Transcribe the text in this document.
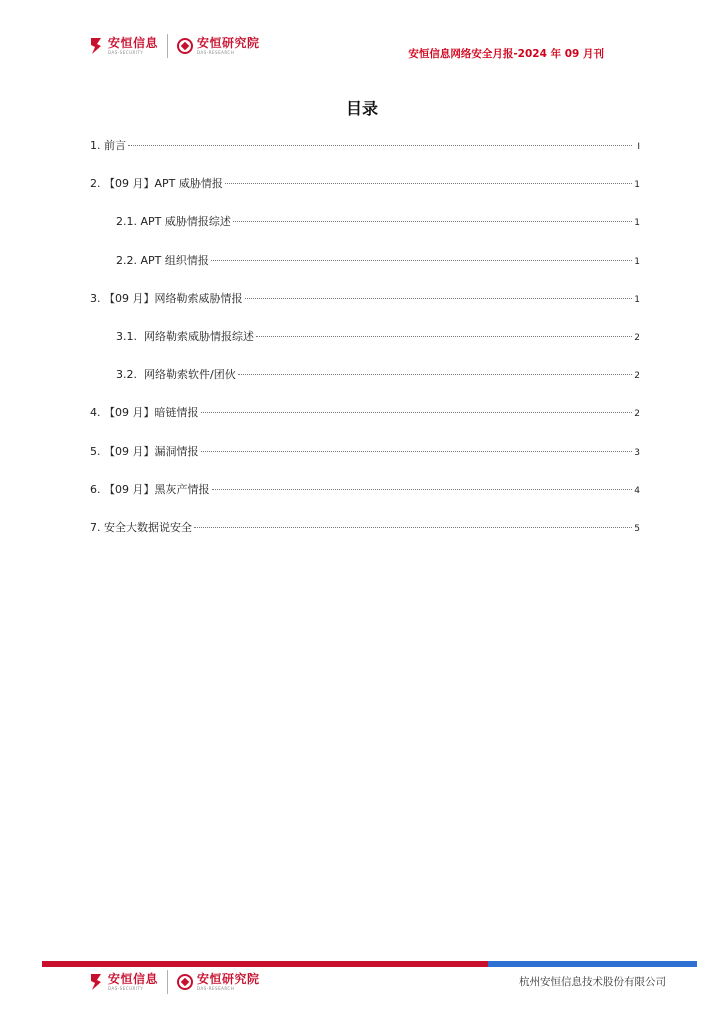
安恒信息
DAS-SECURITY
安恒研究院
DAS-RESEARCH	安恒信息网络安全月报-2024 年 09 月刊
目录
1. 前言	I
2. 【09 月】APT 威胁情报	1
2.1. APT 威胁情报综述	1
2.2. APT 组织情报	1
3. 【09 月】网络勒索威胁情报	1
3.1. 网络勒索威胁情报综述	2
3.2. 网络勒索软件/团伙	2
4. 【09 月】暗链情报	2
5. 【09 月】漏洞情报	3
6. 【09 月】黑灰产情报	4
7. 安全大数据说安全	5
安恒信息
DAS-SECURITY
安恒研究院
DAS-RESEARCH
杭州安恒信息技术股份有限公司
